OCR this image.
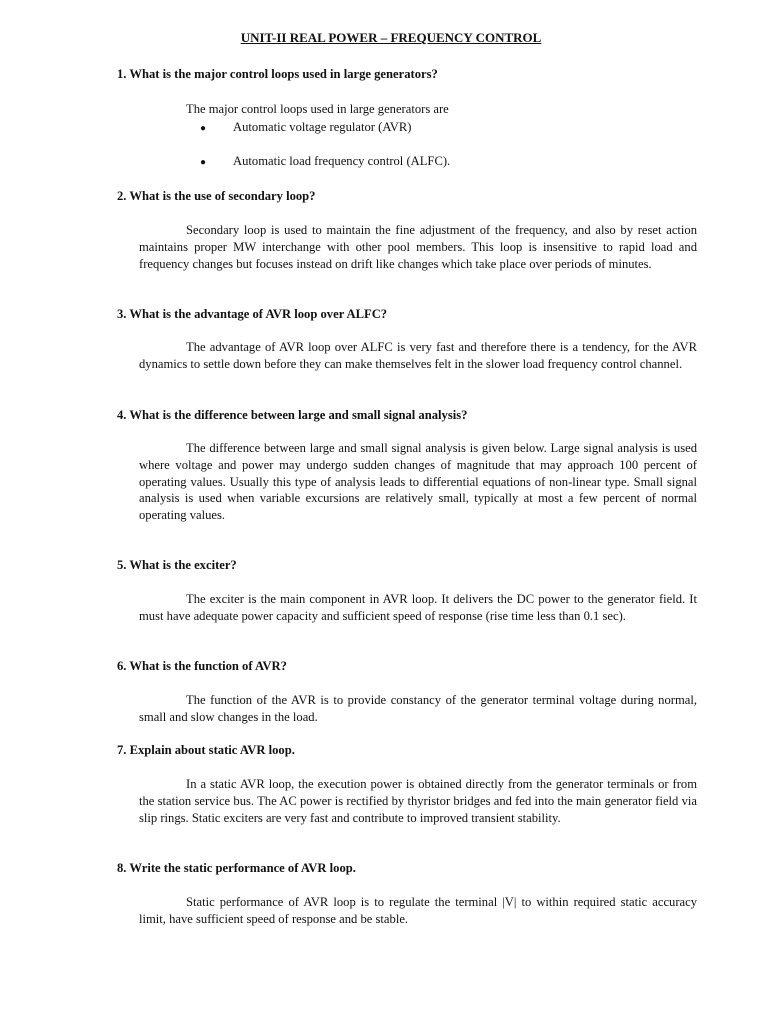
UNIT-II REAL POWER – FREQUENCY CONTROL
1. What is the major control loops used in large generators?
The major control loops used in large generators are
● Automatic voltage regulator (AVR)
● Automatic load frequency control (ALFC).
2. What is the use of secondary loop?
Secondary loop is used to maintain the fine adjustment of the frequency, and also by reset action maintains proper MW interchange with other pool members. This loop is insensitive to rapid load and frequency changes but focuses instead on drift like changes which take place over periods of minutes.
3. What is the advantage of AVR loop over ALFC?
The advantage of AVR loop over ALFC is very fast and therefore there is a tendency, for the AVR dynamics to settle down before they can make themselves felt in the slower load frequency control channel.
4. What is the difference between large and small signal analysis?
The difference between large and small signal analysis is given below. Large signal analysis is used where voltage and power may undergo sudden changes of magnitude that may approach 100 percent of operating values. Usually this type of analysis leads to differential equations of non-linear type. Small signal analysis is used when variable excursions are relatively small, typically at most a few percent of normal operating values.
5. What is the exciter?
The exciter is the main component in AVR loop. It delivers the DC power to the generator field. It must have adequate power capacity and sufficient speed of response (rise time less than 0.1 sec).
6. What is the function of AVR?
The function of the AVR is to provide constancy of the generator terminal voltage during normal, small and slow changes in the load.
7. Explain about static AVR loop.
In a static AVR loop, the execution power is obtained directly from the generator terminals or from the station service bus. The AC power is rectified by thyristor bridges and fed into the main generator field via slip rings. Static exciters are very fast and contribute to improved transient stability.
8. Write the static performance of AVR loop.
Static performance of AVR loop is to regulate the terminal |V| to within required static accuracy limit, have sufficient speed of response and be stable.
